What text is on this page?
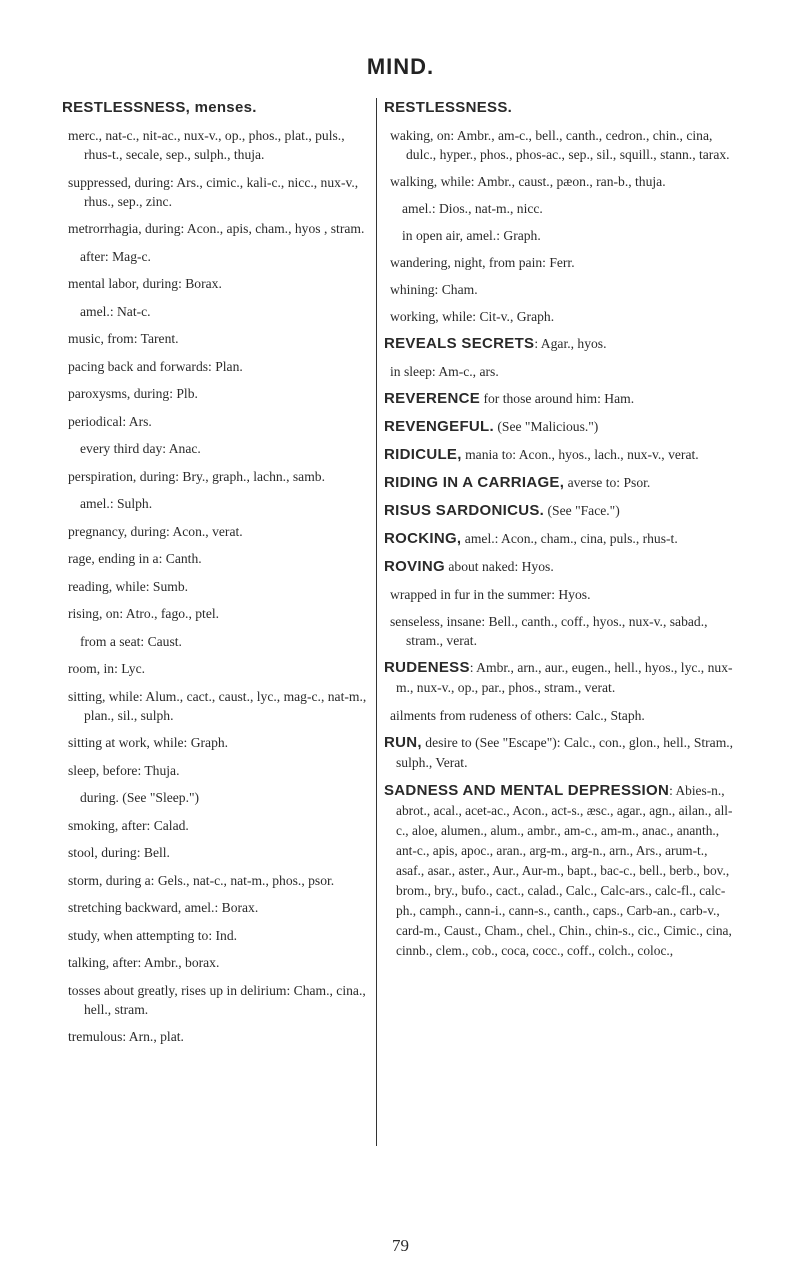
MIND.
RESTLESSNESS, menses.
merc., nat-c., nit-ac., nux-v., op., phos., plat., puls., rhus-t., secale, sep., sulph., thuja.
suppressed, during: Ars., cimic., kali-c., nicc., nux-v., rhus., sep., zinc.
metrorrhagia, during: Acon., apis, cham., hyos , stram.
after: Mag-c.
mental labor, during: Borax.
amel.: Nat-c.
music, from: Tarent.
pacing back and forwards: Plan.
paroxysms, during: Plb.
periodical: Ars.
every third day: Anac.
perspiration, during: Bry., graph., lachn., samb.
amel.: Sulph.
pregnancy, during: Acon., verat.
rage, ending in a: Canth.
reading, while: Sumb.
rising, on: Atro., fago., ptel.
from a seat: Caust.
room, in: Lyc.
sitting, while: Alum., cact., caust., lyc., mag-c., nat-m., plan., sil., sulph.
sitting at work, while: Graph.
sleep, before: Thuja.
during. (See "Sleep.")
smoking, after: Calad.
stool, during: Bell.
storm, during a: Gels., nat-c., nat-m., phos., psor.
stretching backward, amel.: Borax.
study, when attempting to: Ind.
talking, after: Ambr., borax.
tosses about greatly, rises up in delirium: Cham., cina., hell., stram.
tremulous: Arn., plat.
RESTLESSNESS.
waking, on: Ambr., am-c., bell., canth., cedron., chin., cina, dulc., hyper., phos., phos-ac., sep., sil., squill., stann., tarax.
walking, while: Ambr., caust., pæon., ran-b., thuja.
amel.: Dios., nat-m., nicc.
in open air, amel.: Graph.
wandering, night, from pain: Ferr.
whining: Cham.
working, while: Cit-v., Graph.
REVEALS SECRETS: Agar., hyos.
in sleep: Am-c., ars.
REVERENCE for those around him: Ham.
REVENGEFUL. (See "Malicious.")
RIDICULE, mania to: Acon., hyos., lach., nux-v., verat.
RIDING IN A CARRIAGE, averse to: Psor.
RISUS SARDONICUS. (See "Face.")
ROCKING, amel.: Acon., cham., cina, puls., rhus-t.
ROVING about naked: Hyos.
wrapped in fur in the summer: Hyos.
senseless, insane: Bell., canth., coff., hyos., nux-v., sabad., stram., verat.
RUDENESS: Ambr., arn., aur., eugen., hell., hyos., lyc., nux-m., nux-v., op., par., phos., stram., verat.
ailments from rudeness of others: Calc., Staph.
RUN, desire to (See "Escape"): Calc., con., glon., hell., Stram., sulph., Verat.
SADNESS AND MENTAL DEPRESSION: Abies-n., abrot., acal., acet-ac., Acon., act-s., æsc., agar., agn., ailan., all-c., aloe, alumen., alum., ambr., am-c., am-m., anac., ananth., ant-c., apis, apoc., aran., arg-m., arg-n., arn., Ars., arum-t., asaf., asar., aster., Aur., Aur-m., bapt., bac-c., bell., berb., bov., brom., bry., bufo., cact., calad., Calc., Calc-ars., calc-fl., calc-ph., camph., cann-i., cann-s., canth., caps., Carb-an., carb-v., card-m., Caust., Cham., chel., Chin., chin-s., cic., Cimic., cina, cinnb., clem., cob., coca, cocc., coff., colch., coloc.,
79
